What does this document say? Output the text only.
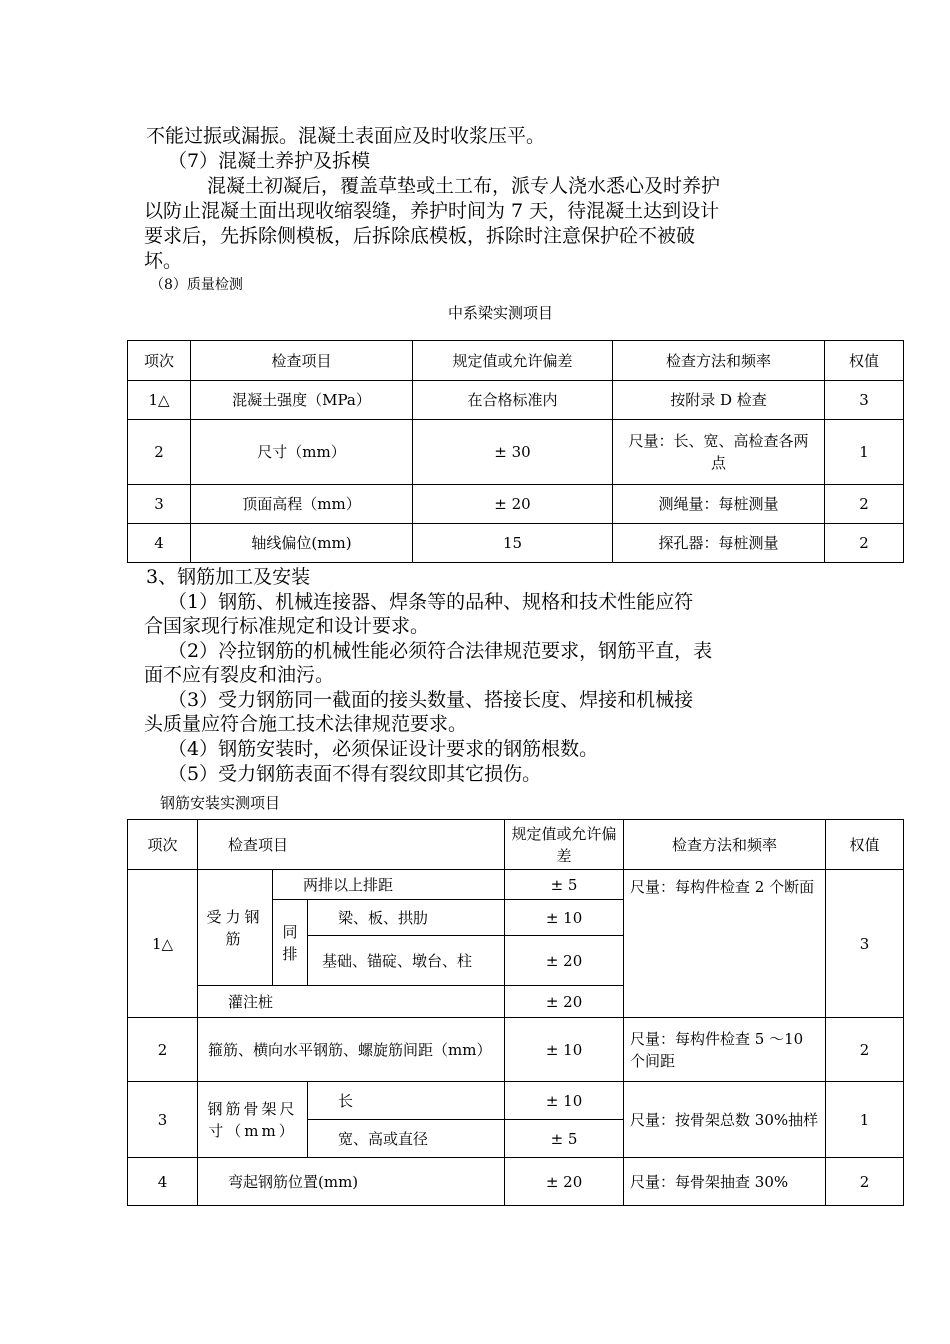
不能过振或漏振。混凝土表面应及时收浆压平。
（7）混凝土养护及拆模
混凝土初凝后，覆盖草垫或土工布，派专人浇水悉心及时养护
以防止混凝土面出现收缩裂缝，养护时间为 7 天，待混凝土达到设计
要求后，先拆除侧模板，后拆除底模板，拆除时注意保护砼不被破
坏。
（8）质量检测
中系梁实测项目
项次	检查项目	规定值或允许偏差	检查方法和频率	权值
1△	混凝土强度（MPa）	在合格标准内	按附录 D 检查	3
2	尺寸（mm）	± 30	尺量：长、宽、高检查各两点	1
3	顶面高程（mm）	± 20	测绳量：每桩测量	2
4	轴线偏位(mm)	15	探孔器：每桩测量	2
3、钢筋加工及安装
（1）钢筋、机械连接器、焊条等的品种、规格和技术性能应符
合国家现行标准规定和设计要求。
（2）冷拉钢筋的机械性能必须符合法律规范要求，钢筋平直，表
面不应有裂皮和油污。
（3）受力钢筋同一截面的接头数量、搭接长度、焊接和机械接
头质量应符合施工技术法律规范要求。
（4）钢筋安装时，必须保证设计要求的钢筋根数。
（5）受力钢筋表面不得有裂纹即其它损伤。
钢筋安装实测项目
项次	检查项目			规定值或允许偏差	检查方法和频率	权值
1△	受力钢筋	两排以上排距		± 5	尺量：每构件检查 2 个断面	3
		同排	梁、板、拱肋	± 10		
			基础、锚碇、墩台、柱	± 20		
	灌注桩			± 20		
2	箍筋、横向水平钢筋、螺旋筋间距（mm）			± 10	尺量：每构件检查 5 ～10 个间距	2
3	钢筋骨架尺寸（mm）		长	± 10	尺量：按骨架总数 30%抽样	1
			宽、高或直径	± 5		
4	弯起钢筋位置(mm)			± 20	尺量：每骨架抽查 30%	2
